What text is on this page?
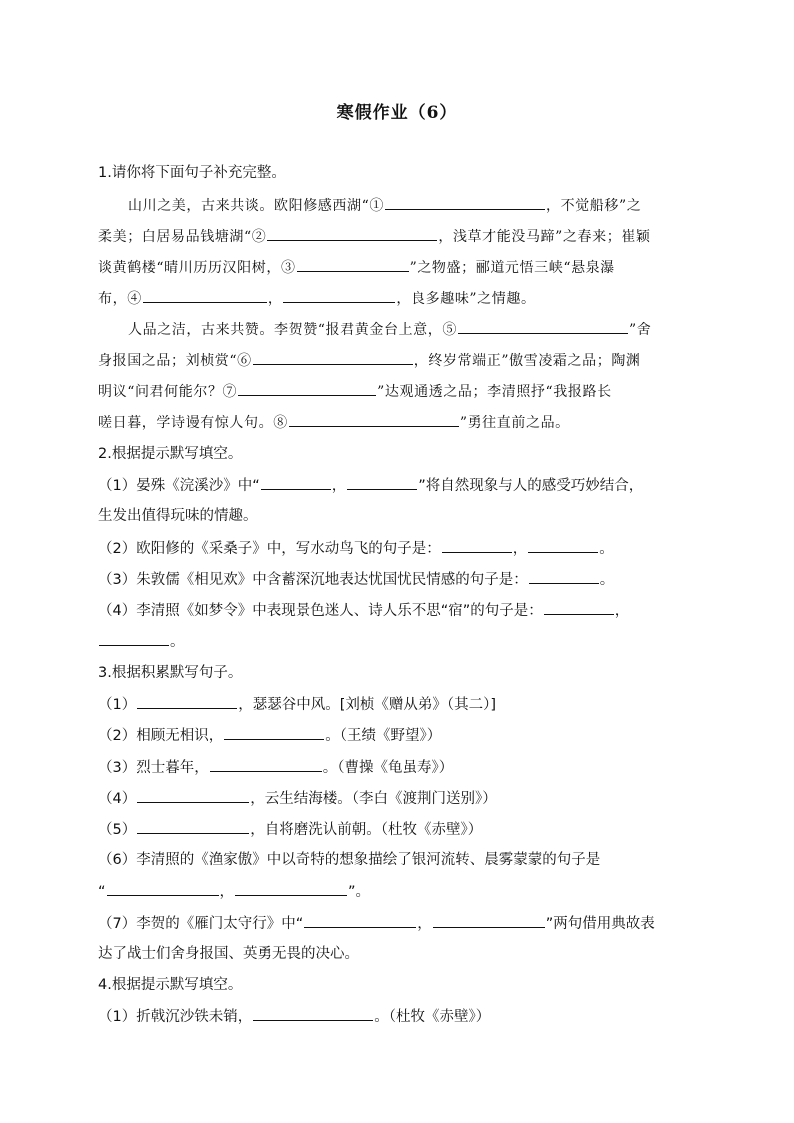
寒假作业（6）
1.请你将下面句子补充完整。
山川之美，古来共谈。欧阳修感西湖“①	，不觉船移”之
柔美；白居易品钱塘湖“②	，浅草才能没马蹄”之春来；崔颖
谈黄鹤楼“晴川历历汉阳树，③	”之物盛；郦道元悟三峡“悬泉瀑
布，④	，	，良多趣味”之情趣。
人品之洁，古来共赞。李贺赞“报君黄金台上意，⑤	”舍
身报国之品；刘桢赏“⑥	，终岁常端正”傲雪凌霜之品；陶渊
明议“问君何能尔？⑦	”达观通透之品；李清照抒“我报路长
嗟日暮，学诗谩有惊人句。⑧	”勇往直前之品。
2.根据提示默写填空。
（1）晏殊《浣溪沙》中“	，	”将自然现象与人的感受巧妙结合，
生发出值得玩味的情趣。
（2）欧阳修的《采桑子》中，写水动鸟飞的句子是：	，	。
（3）朱敦儒《相见欢》中含蓄深沉地表达忧国忧民情感的句子是：	。
（4）李清照《如梦令》中表现景色迷人、诗人乐不思“宿”的句子是：	，
。
3.根据积累默写句子。
（1）	，瑟瑟谷中风。[刘桢《赠从弟》（其二）]
（2）相顾无相识，	。（王绩《野望》）
（3）烈士暮年，	。（曹操《龟虽寿》）
（4）	，云生结海楼。（李白《渡荆门送别》）
（5）	，自将磨洗认前朝。（杜牧《赤壁》）
（6）李清照的《渔家傲》中以奇特的想象描绘了银河流转、晨雾蒙蒙的句子是
“	，	”。
（7）李贺的《雁门太守行》中“	，	”两句借用典故表
达了战士们舍身报国、英勇无畏的决心。
4.根据提示默写填空。
（1）折戟沉沙铁未销，	。（杜牧《赤壁》）
